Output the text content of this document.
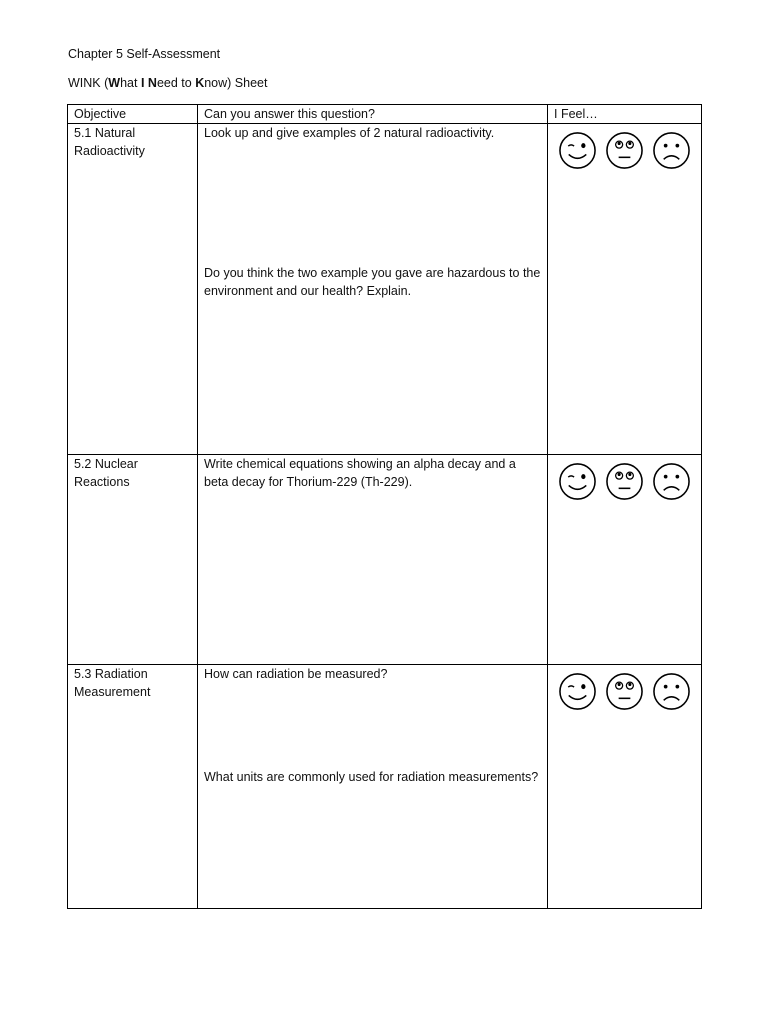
Chapter 5 Self-Assessment
WINK (What I Need to Know) Sheet
Objective	Can you answer this question?	I Feel…

5.1 Natural Radioactivity	Look up and give examples of 2 natural radioactivity.
Do you think the two example you gave are hazardous to the environment and our health? Explain.

5.2 Nuclear Reactions	Write chemical equations showing an alpha decay and a beta decay for Thorium-229 (Th-229).

5.3 Radiation Measurement	How can radiation be measured?
What units are commonly used for radiation measurements?
